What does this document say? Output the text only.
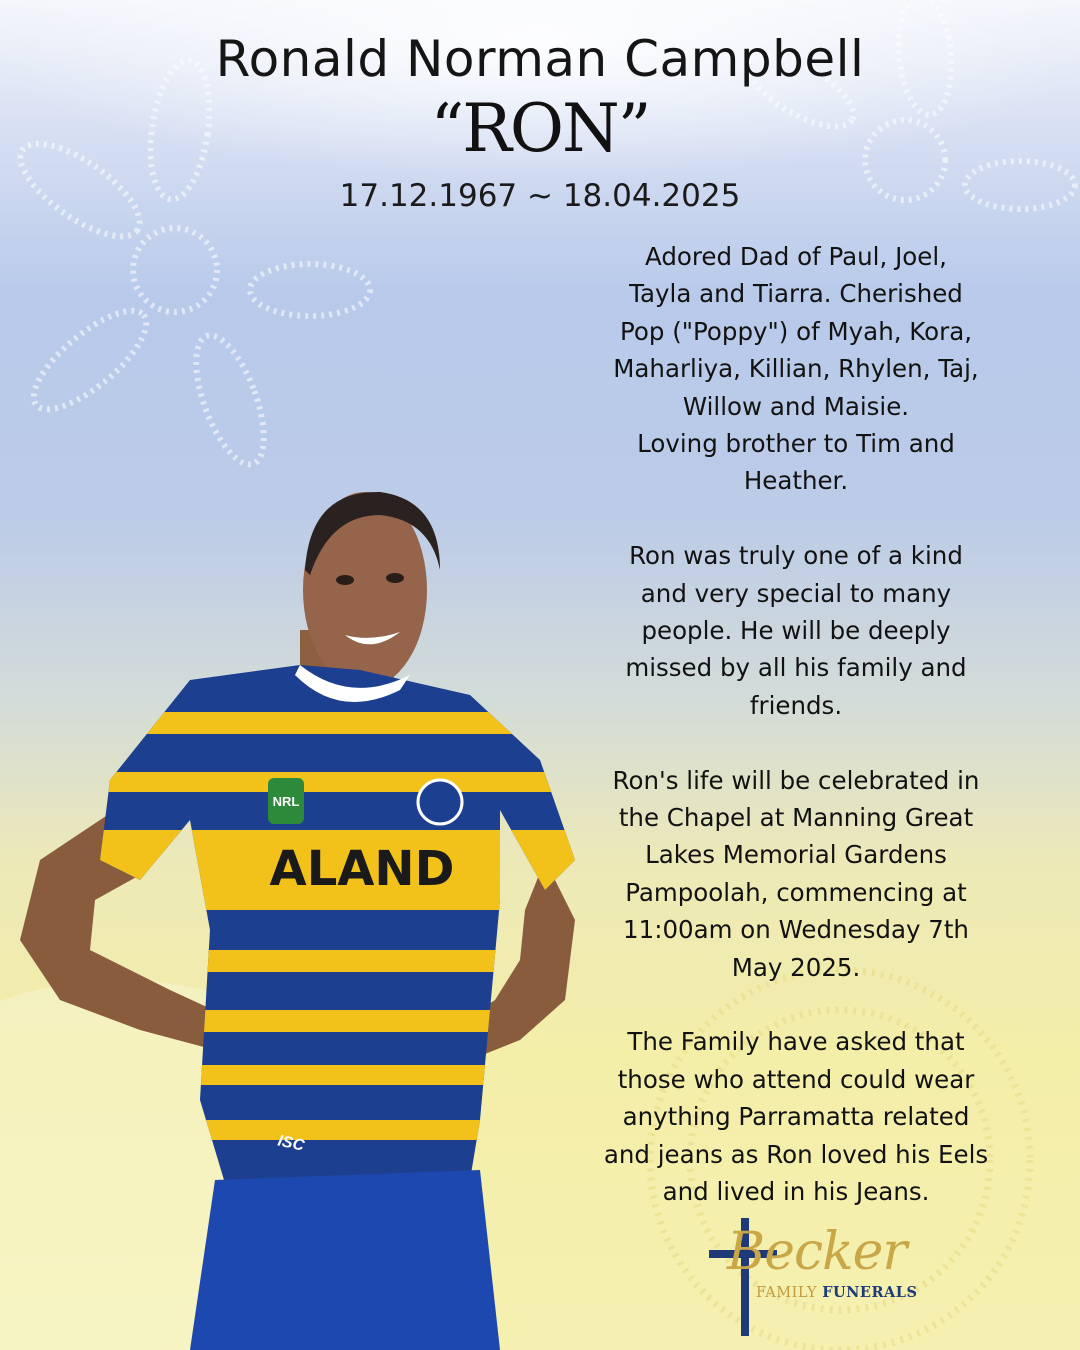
Ronald Norman Campbell
“RON”
17.12.1967 ~ 18.04.2025

Adored Dad of Paul, Joel,
Tayla and Tiarra. Cherished
Pop ("Poppy") of Myah, Kora,
Maharliya, Killian, Rhylen, Taj,
Willow and Maisie.
Loving brother to Tim and
Heather.

Ron was truly one of a kind
and very special to many
people. He will be deeply
missed by all his family and
friends.

Ron's life will be celebrated in
the Chapel at Manning Great
Lakes Memorial Gardens
Pampoolah, commencing at
11:00am on Wednesday 7th
May 2025.

The Family have asked that
those who attend could wear
anything Parramatta related
and jeans as Ron loved his Eels
and lived in his Jeans.

NRL
ALAND
ISC
Becker
FAMILY FUNERALS
